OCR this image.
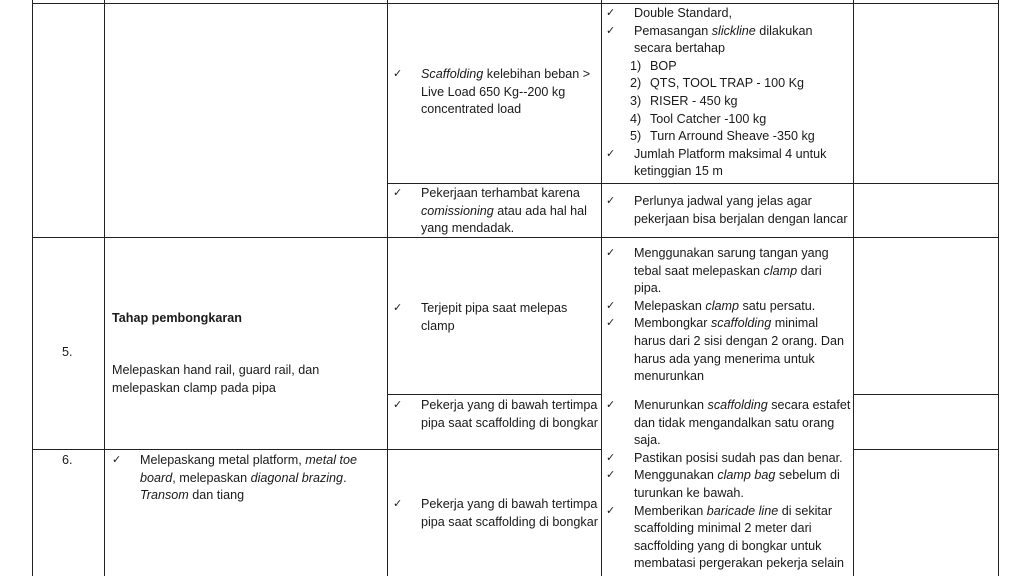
✓ Scaffolding kelebihan beban > Live Load 650 Kg--200 kg concentrated load
✓ Pekerjaan terhambat karena comissioning atau ada hal hal yang mendadak.
✓ Double Standard,
✓ Pemasangan slickline dilakukan secara bertahap
1) BOP
2) QTS, TOOL TRAP - 100 Kg
3) RISER - 450 kg
4) Tool Catcher -100 kg
5) Turn Arround Sheave -350 kg
✓ Jumlah Platform maksimal 4 untuk ketinggian 15 m
✓ Perlunya jadwal yang jelas agar pekerjaan bisa berjalan dengan lancar
5.
Tahap pembongkaran
Melepaskan hand rail, guard rail, dan melepaskan clamp pada pipa
✓ Terjepit pipa saat melepas clamp
✓ Pekerja yang di bawah tertimpa pipa saat scaffolding di bongkar
✓ Menggunakan sarung tangan yang tebal saat melepaskan clamp dari pipa.
✓ Melepaskan clamp satu persatu.
✓ Membongkar scaffolding minimal harus dari 2 sisi dengan 2 orang. Dan harus ada yang menerima untuk menurunkan
✓ Menurunkan scaffolding secara estafet dan tidak mengandalkan satu orang saja.
✓ Pastikan posisi sudah pas dan benar.
✓ Menggunakan clamp bag sebelum di turunkan ke bawah.
✓ Memberikan baricade line di sekitar scaffolding minimal 2 meter dari sacffolding yang di bongkar untuk membatasi pergerakan pekerja selain
6.	✓ Melepaskang metal platform, metal toe board, melepaskan diagonal brazing. Transom dan tiang
✓ Pekerja yang di bawah tertimpa pipa saat scaffolding di bongkar
